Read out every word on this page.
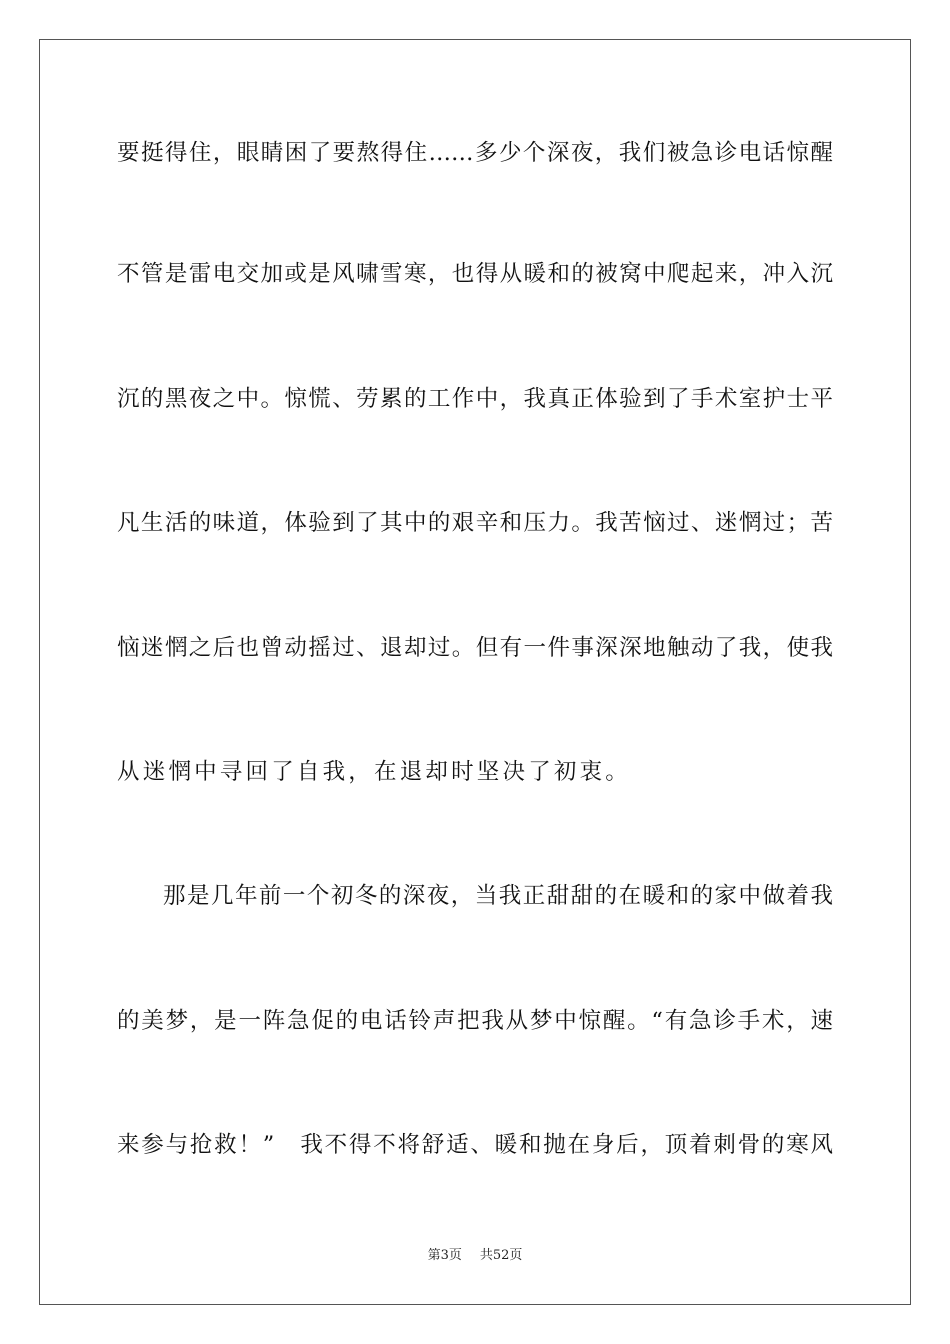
要挺得住，眼睛困了要熬得住……多少个深夜，我们被急诊电话惊醒
不管是雷电交加或是风啸雪寒，也得从暖和的被窝中爬起来，冲入沉
沉的黑夜之中。惊慌、劳累的工作中，我真正体验到了手术室护士平
凡生活的味道，体验到了其中的艰辛和压力。我苦恼过、迷惘过；苦
恼迷惘之后也曾动摇过、退却过。但有一件事深深地触动了我，使我
从迷惘中寻回了自我，在退却时坚决了初衷。
那是几年前一个初冬的深夜，当我正甜甜的在暖和的家中做着我
的美梦，是一阵急促的电话铃声把我从梦中惊醒。“有急诊手术，速
来参与抢救！”　我不得不将舒适、暖和抛在身后，顶着刺骨的寒风
第3页 共52页
